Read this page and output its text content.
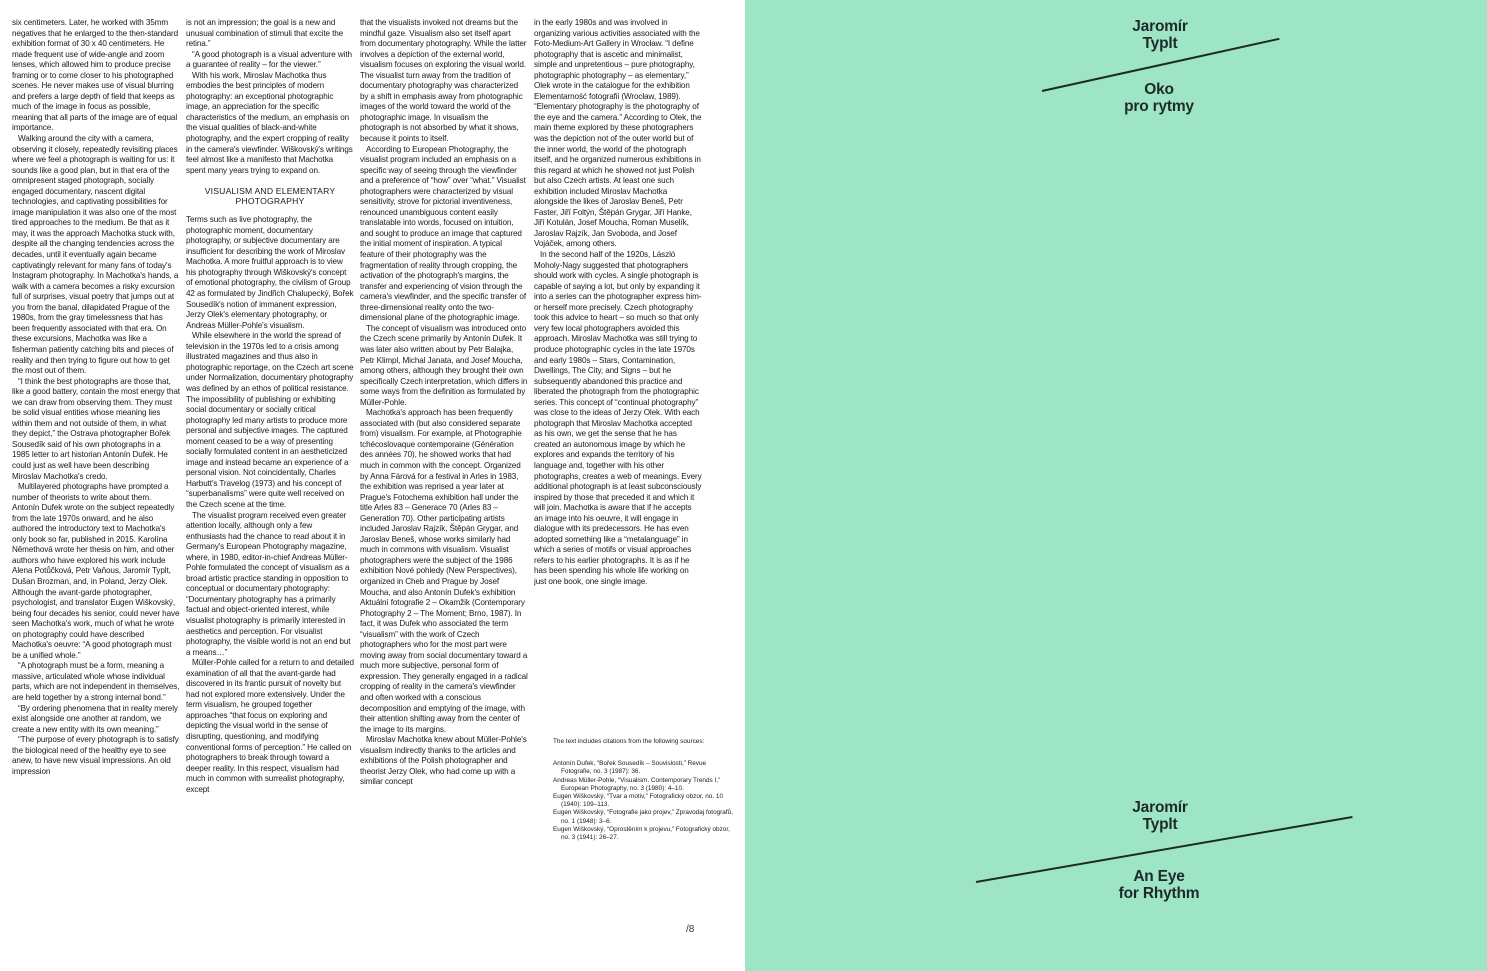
six centimeters. Later, he worked with 35mm negatives that he enlarged to the then-standard exhibition format of 30 x 40 centimeters. He made frequent use of wide-angle and zoom lenses, which allowed him to produce precise framing or to come closer to his photographed scenes. He never makes use of visual blurring and prefers a large depth of field that keeps as much of the image in focus as possible, meaning that all parts of the image are of equal importance.

Walking around the city with a camera, observing it closely, repeatedly revisiting places where we feel a photograph is waiting for us: it sounds like a good plan, but in that era of the omnipresent staged photograph, socially engaged documentary, nascent digital technologies, and captivating possibilities for image manipulation it was also one of the most tired approaches to the medium. Be that as it may, it was the approach Machotka stuck with, despite all the changing tendencies across the decades, until it eventually again became captivatingly relevant for many fans of today's Instagram photography. In Machotka's hands, a walk with a camera becomes a risky excursion full of surprises, visual poetry that jumps out at you from the banal, dilapidated Prague of the 1980s, from the gray timelessness that has been frequently associated with that era. On these excursions, Machotka was like a fisherman patiently catching bits and pieces of reality and then trying to figure out how to get the most out of them.

“I think the best photographs are those that, like a good battery, contain the most energy that we can draw from observing them. They must be solid visual entities whose meaning lies within them and not outside of them, in what they depict,” the Ostrava photographer Bořek Sousedík said of his own photographs in a 1985 letter to art historian Antonín Dufek. He could just as well have been describing Miroslav Machotka's credo.

Multilayered photographs have prompted a number of theorists to write about them. Antonín Dufek wrote on the subject repeatedly from the late 1970s onward, and he also authored the introductory text to Machotka's only book so far, published in 2015. Karolína Němethová wrote her thesis on him, and other authors who have explored his work include Alena Potůčková, Petr Vaňous, Jaromír Typlt, Dušan Brozman, and, in Poland, Jerzy Olek. Although the avant-garde photographer, psychologist, and translator Eugen Wiškovský, being four decades his senior, could never have seen Machotka's work, much of what he wrote on photography could have described Machotka's oeuvre: “A good photograph must be a unified whole.”

“A photograph must be a form, meaning a massive, articulated whole whose individual parts, which are not independent in themselves, are held together by a strong internal bond.”

“By ordering phenomena that in reality merely exist alongside one another at random, we create a new entity with its own meaning.”

“The purpose of every photograph is to satisfy the biological need of the healthy eye to see anew, to have new visual impressions. An old impression

is not an impression; the goal is a new and unusual combination of stimuli that excite the retina.”

“A good photograph is a visual adventure with a guarantee of reality – for the viewer.”

With his work, Miroslav Machotka thus embodies the best principles of modern photography: an exceptional photographic image, an appreciation for the specific characteristics of the medium, an emphasis on the visual qualities of black-and-white photography, and the expert cropping of reality in the camera's viewfinder. Wiškovský's writings feel almost like a manifesto that Machotka spent many years trying to expand on.

VISUALISM AND ELEMENTARY PHOTOGRAPHY

Terms such as live photography, the photographic moment, documentary photography, or subjective documentary are insufficient for describing the work of Miroslav Machotka. A more fruitful approach is to view his photography through Wiškovský's concept of emotional photography, the civilism of Group 42 as formulated by Jindřich Chalupecký, Bořek Sousedík's notion of immanent expression, Jerzy Olek's elementary photography, or Andreas Müller-Pohle's visualism.

While elsewhere in the world the spread of television in the 1970s led to a crisis among illustrated magazines and thus also in photographic reportage, on the Czech art scene under Normalization, documentary photography was defined by an ethos of political resistance. The impossibility of publishing or exhibiting social documentary or socially critical photography led many artists to produce more personal and subjective images. The captured moment ceased to be a way of presenting socially formulated content in an aestheticized image and instead became an experience of a personal vision. Not coincidentally, Charles Harbutt's Travelog (1973) and his concept of “superbanalisms” were quite well received on the Czech scene at the time.

The visualist program received even greater attention locally, although only a few enthusiasts had the chance to read about it in Germany's European Photography magazine, where, in 1980, editor-in-chief Andreas Müller-Pohle formulated the concept of visualism as a broad artistic practice standing in opposition to conceptual or documentary photography: “Documentary photography has a primarily factual and object-oriented interest, while visualist photography is primarily interested in aesthetics and perception. For visualist photography, the visible world is not an end but a means…”

Müller-Pohle called for a return to and detailed examination of all that the avant-garde had discovered in its frantic pursuit of novelty but had not explored more extensively. Under the term visualism, he grouped together approaches “that focus on exploring and depicting the visual world in the sense of disrupting, questioning, and modifying conventional forms of perception.” He called on photographers to break through toward a deeper reality. In this respect, visualism had much in common with surrealist photography, except

that the visualists invoked not dreams but the mindful gaze. Visualism also set itself apart from documentary photography. While the latter involves a depiction of the external world, visualism focuses on exploring the visual world. The visualist turn away from the tradition of documentary photography was characterized by a shift in emphasis away from photographic images of the world toward the world of the photographic image. In visualism the photograph is not absorbed by what it shows, because it points to itself.

According to European Photography, the visualist program included an emphasis on a specific way of seeing through the viewfinder and a preference of “how” over “what.” Visualist photographers were characterized by visual sensitivity, strove for pictorial inventiveness, renounced unambiguous content easily translatable into words, focused on intuition, and sought to produce an image that captured the initial moment of inspiration. A typical feature of their photography was the fragmentation of reality through cropping, the activation of the photograph's margins, the transfer and experiencing of vision through the camera's viewfinder, and the specific transfer of three-dimensional reality onto the two-dimensional plane of the photographic image.

The concept of visualism was introduced onto the Czech scene primarily by Antonín Dufek. It was later also written about by Petr Balajka, Petr Klimpl, Michal Janata, and Josef Moucha, among others, although they brought their own specifically Czech interpretation, which differs in some ways from the definition as formulated by Müller-Pohle.

Machotka's approach has been frequently associated with (but also considered separate from) visualism. For example, at Photographie tchécoslovaque contemporaine (Génération des années 70), he showed works that had much in common with the concept. Organized by Anna Fárová for a festival in Arles in 1983, the exhibition was reprised a year later at Prague's Fotochema exhibition hall under the title Arles 83 – Generace 70 (Arles 83 – Generation 70). Other participating artists included Jaroslav Rajzík, Štěpán Grygar, and Jaroslav Beneš, whose works similarly had much in commons with visualism. Visualist photographers were the subject of the 1986 exhibition Nové pohledy (New Perspectives), organized in Cheb and Prague by Josef Moucha, and also Antonín Dufek's exhibition Aktuální fotografie 2 – Okamžik (Contemporary Photography 2 – The Moment; Brno, 1987). In fact, it was Dufek who associated the term “visualism” with the work of Czech photographers who for the most part were moving away from social documentary toward a much more subjective, personal form of expression. They generally engaged in a radical cropping of reality in the camera's viewfinder and often worked with a conscious decomposition and emptying of the image, with their attention shifting away from the center of the image to its margins.

Miroslav Machotka knew about Müller-Pohle's visualism indirectly thanks to the articles and exhibitions of the Polish photographer and theorist Jerzy Olek, who had come up with a similar concept

in the early 1980s and was involved in organizing various activities associated with the Foto-Medium-Art Gallery in Wrocław. “I define photography that is ascetic and minimalist, simple and unpretentious – pure photography, photographic photography – as elementary,” Olek wrote in the catalogue for the exhibition Elementarność fotografii (Wrocław, 1989). “Elementary photography is the photography of the eye and the camera.” According to Olek, the main theme explored by these photographers was the depiction not of the outer world but of the inner world, the world of the photograph itself, and he organized numerous exhibitions in this regard at which he showed not just Polish but also Czech artists. At least one such exhibition included Miroslav Machotka alongside the likes of Jaroslav Beneš, Petr Faster, Jiří Foltýn, Štěpán Grygar, Jiří Hanke, Jiří Kotulán, Josef Moucha, Roman Muselík, Jaroslav Rajzík, Jan Svoboda, and Josef Vojáček, among others.

In the second half of the 1920s, László Moholy-Nagy suggested that photographers should work with cycles. A single photograph is capable of saying a lot, but only by expanding it into a series can the photographer express him- or herself more precisely. Czech photography took this advice to heart – so much so that only very few local photographers avoided this approach. Miroslav Machotka was still trying to produce photographic cycles in the late 1970s and early 1980s – Stars, Contamination, Dwellings, The City, and Signs – but he subsequently abandoned this practice and liberated the photograph from the photographic series. This concept of “continual photography” was close to the ideas of Jerzy Olek. With each photograph that Miroslav Machotka accepted as his own, we get the sense that he has created an autonomous image by which he explores and expands the territory of his language and, together with his other photographs, creates a web of meanings. Every additional photograph is at least subconsciously inspired by those that preceded it and which it will join. Machotka is aware that if he accepts an image into his oeuvre, it will engage in dialogue with its predecessors. He has even adopted something like a “metalanguage” in which a series of motifs or visual approaches refers to his earlier photographs. It is as if he has been spending his whole life working on just one book, one single image.

The text includes citations from the following sources:

Antonín Dufek, “Bořek Sousedík – Souvislosti,” Revue Fotografie, no. 3 (1987): 36.

Andreas Müller-Pohle, “Visualism. Contemporary Trends I,” European Photography, no. 3 (1980): 4–10.

Eugen Wiškovský, “Tvar a motiv,” Fotografický obzor, no. 10 (1940): 109–113.

Eugen Wiškovský, “Fotografie jako projev,” Zpravodaj fotografů, no. 1 (1948): 3–6.

Eugen Wiškovský, “Oprostěním k projevu,” Fotografický obzor, no. 3 (1941): 26–27.

/8
Jaromír
Typlt
Oko
pro rytmy
Jaromír
Typlt
An Eye
for Rhythm
